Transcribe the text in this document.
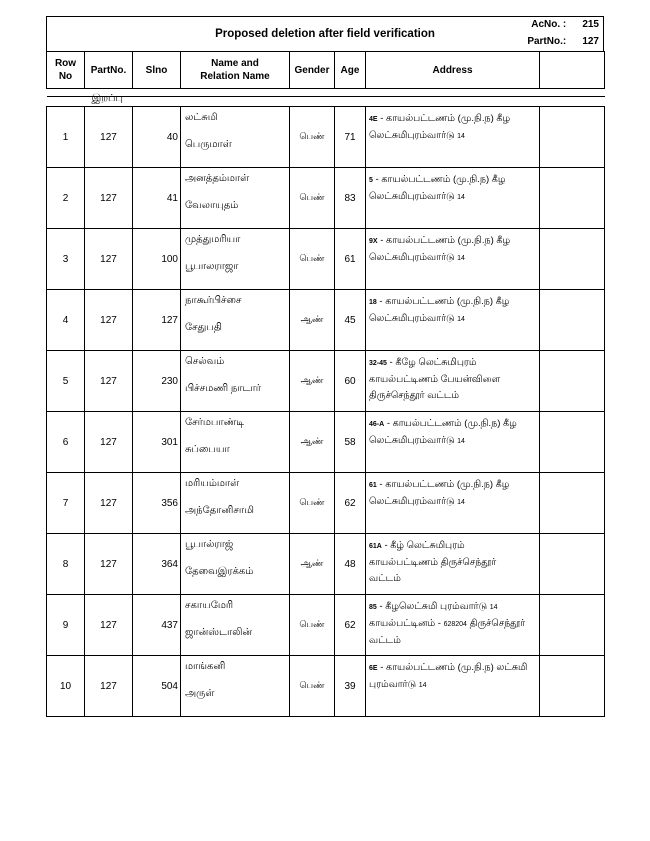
Proposed deletion after field verification
AcNo. : 215
PartNo.: 127
Row No	PartNo.	Slno	Name and
Relation Name	Gender	Age	Address	

இறப்பு							

1	127	40	லட்சுமி
பெருமாள்	பெண்	71	4E - காயல்பட்டணம் (மு.நி.ந) கீழ
லெட்சுமிபுரம்வார்டு 14	

2	127	41	அனத்தம்மாள்
வேலாயுதம்	பெண்	83	5 - காயல்பட்டணம் (மு.நி.ந) கீழ
லெட்சுமிபுரம்வார்டு 14	

3	127	100	முத்துமரியா
பூபாலராஜா	பெண்	61	9X - காயல்பட்டணம் (மு.நி.ந) கீழ
லெட்சுமிபுரம்வார்டு 14	

4	127	127	நாகூர்பிச்சை
சேதுபதி	ஆண்	45	18 - காயல்பட்டணம் (மு.நி.ந) கீழ
லெட்சுமிபுரம்வார்டு 14	

5	127	230	செல்வம்
பிச்சமணி நாடார்	ஆண்	60	32-45 - கீழே லெட்சுமிபுரம்
காயல்பட்டிணம் பேயன்விளை
திருச்செந்தூர் வட்டம்	

6	127	301	சேர்மபாண்டி
சுப்பையா	ஆண்	58	46-A - காயல்பட்டணம் (மு.நி.ந) கீழ
லெட்சுமிபுரம்வார்டு 14	

7	127	356	மரியம்மாள்
அந்தோனிசாமி	பெண்	62	61 - காயல்பட்டணம் (மு.நி.ந) கீழ
லெட்சுமிபுரம்வார்டு 14	

8	127	364	பூபால்ராஜ்
தேவைஇரக்கம்	ஆண்	48	61A - கீழ் லெட்சுமிபுரம்
காயல்பட்டிணம் திருச்செந்தூர்
வட்டம்	

9	127	437	சகாயமேரி
ஜான்ஸ்டாலின்	பெண்	62	85 - கீழலெட்சுமி புரம்வார்டு 14
காயல்பட்டினம் - 628204 திருச்செந்தூர்
வட்டம்	

10	127	504	மாங்கனி
அருள்	பெண்	39	6E - காயல்பட்டணம் (மு.நி.ந) லட்சுமி
புரம்வார்டு 14	
